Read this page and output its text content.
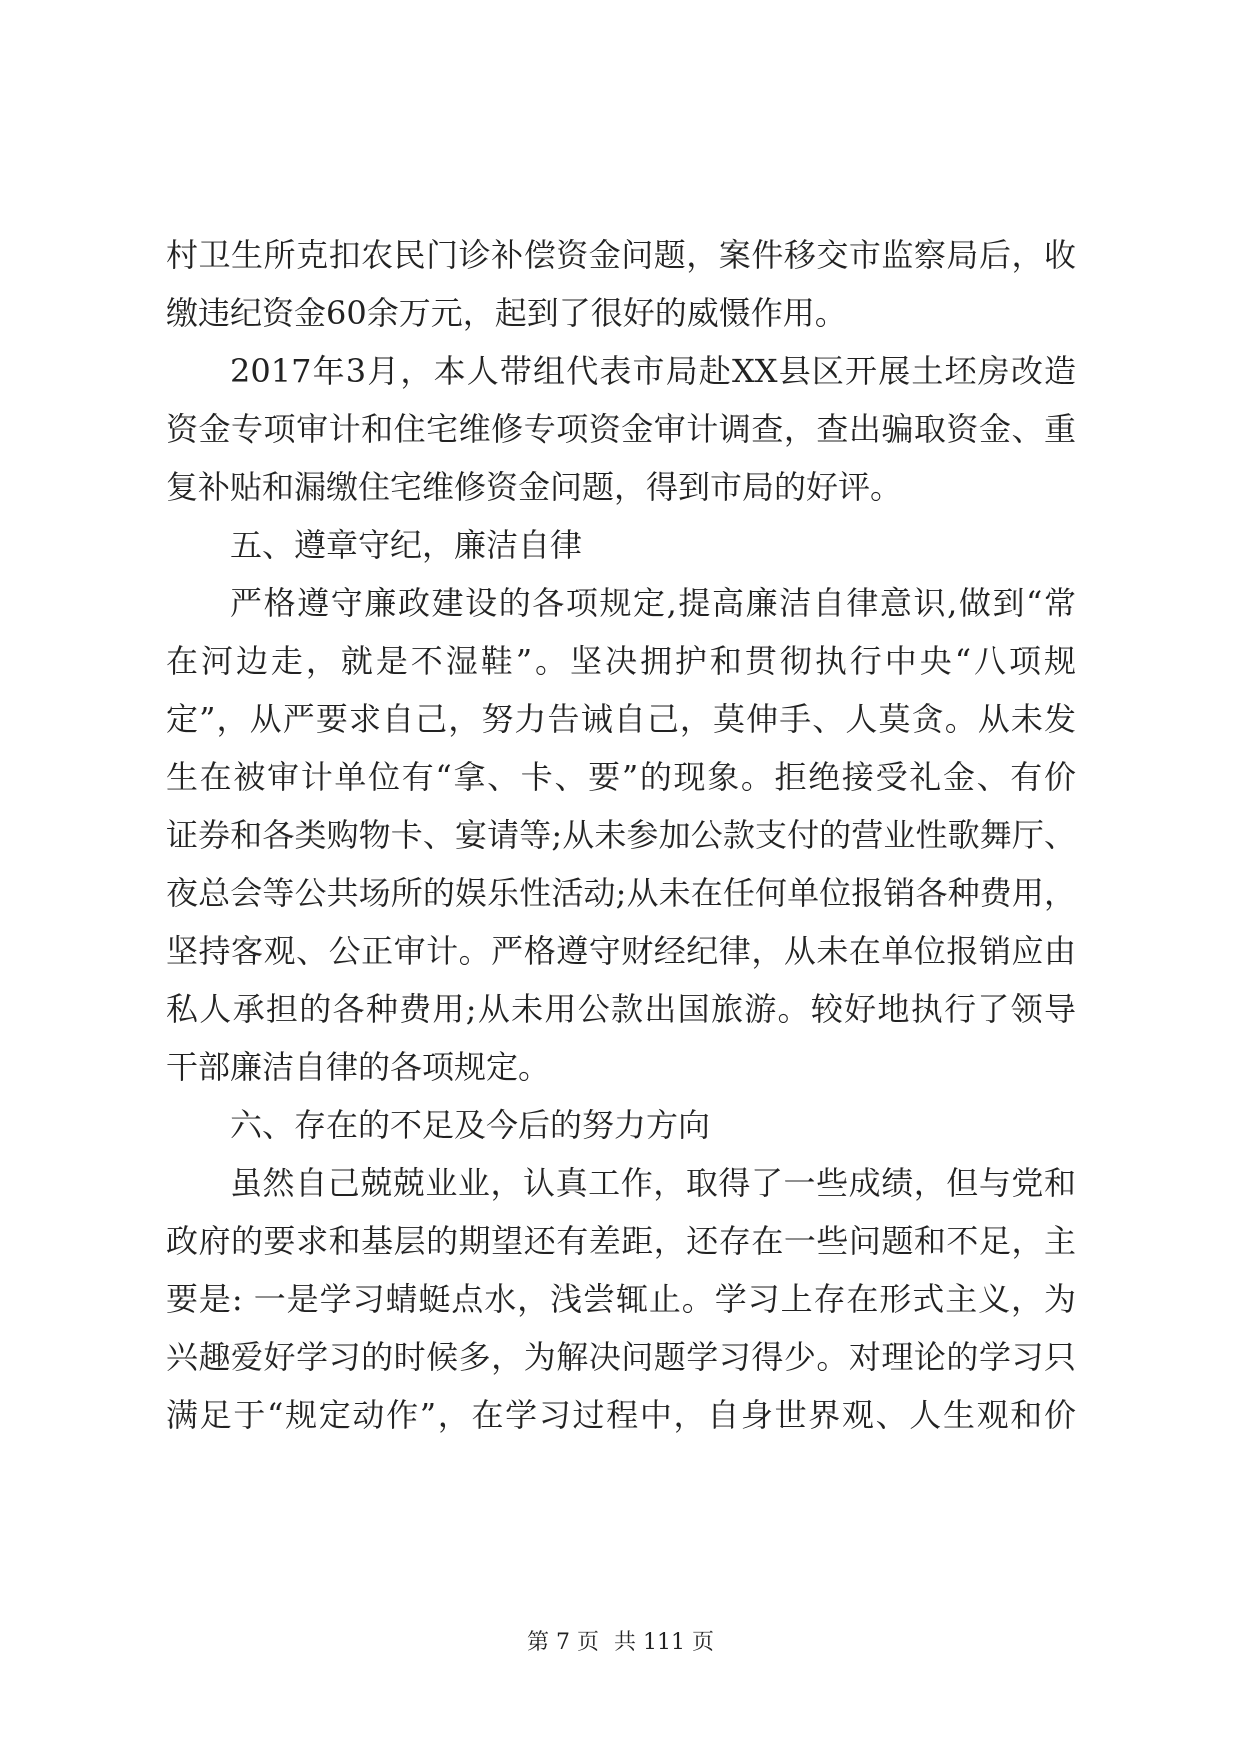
村卫生所克扣农民门诊补偿资金问题，案件移交市监察局后，收

缴违纪资金60余万元，起到了很好的威慑作用。

2017年3月，本人带组代表市局赴XX县区开展土坯房改造

资金专项审计和住宅维修专项资金审计调查，查出骗取资金、重

复补贴和漏缴住宅维修资金问题，得到市局的好评。

五、遵章守纪，廉洁自律

严格遵守廉政建设的各项规定,提高廉洁自律意识,做到“常

在河边走，就是不湿鞋”。坚决拥护和贯彻执行中央“八项规

定”，从严要求自己，努力告诫自己，莫伸手、人莫贪。从未发

生在被审计单位有“拿、卡、要”的现象。拒绝接受礼金、有价

证券和各类购物卡、宴请等;从未参加公款支付的营业性歌舞厅、

夜总会等公共场所的娱乐性活动;从未在任何单位报销各种费用，

坚持客观、公正审计。严格遵守财经纪律，从未在单位报销应由

私人承担的各种费用;从未用公款出国旅游。较好地执行了领导

干部廉洁自律的各项规定。

六、存在的不足及今后的努力方向

虽然自己兢兢业业，认真工作，取得了一些成绩，但与党和

政府的要求和基层的期望还有差距，还存在一些问题和不足，主

要是: 一是学习蜻蜓点水，浅尝辄止。学习上存在形式主义，为

兴趣爱好学习的时候多，为解决问题学习得少。对理论的学习只

满足于“规定动作”，在学习过程中，自身世界观、人生观和价

第 7 页 共 111 页
